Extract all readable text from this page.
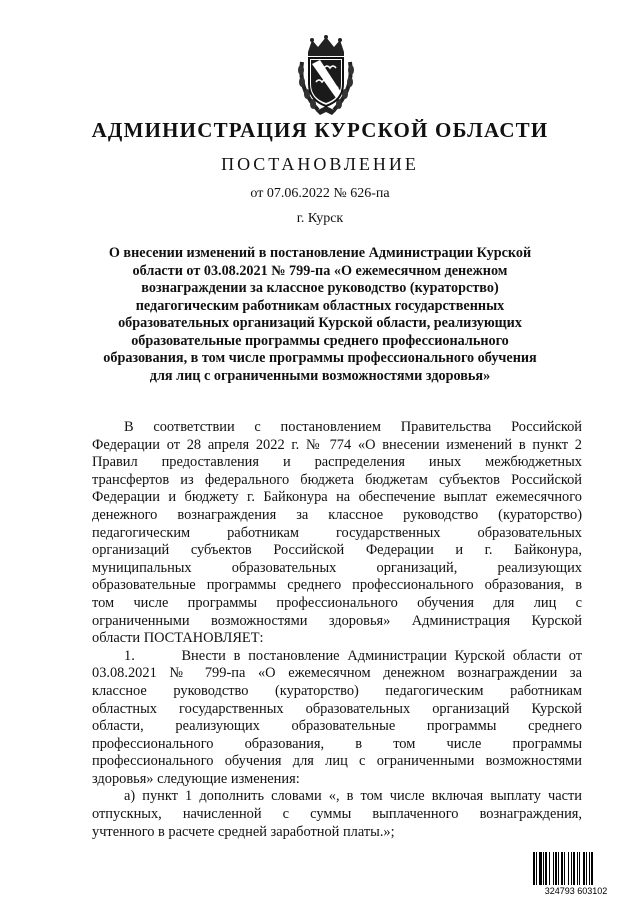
АДМИНИСТРАЦИЯ КУРСКОЙ ОБЛАСТИ
ПОСТАНОВЛЕНИЕ
от 07.06.2022 № 626-па
г. Курск
О внесении изменений в постановление Администрации Курской
области от 03.08.2021 № 799-па «О ежемесячном денежном
вознаграждении за классное руководство (кураторство)
педагогическим работникам областных государственных
образовательных организаций Курской области, реализующих
образовательные программы среднего профессионального
образования, в том числе программы профессионального обучения
для лиц с ограниченными возможностями здоровья»
В соответствии с постановлением Правительства Российской
Федерации от 28 апреля 2022 г. № 774 «О внесении изменений в пункт 2
Правил предоставления и распределения иных межбюджетных
трансфертов из федерального бюджета бюджетам субъектов Российской
Федерации и бюджету г. Байконура на обеспечение выплат ежемесячного
денежного вознаграждения за классное руководство (кураторство)
педагогическим работникам государственных образовательных
организаций субъектов Российской Федерации и г. Байконура,
муниципальных образовательных организаций, реализующих
образовательные программы среднего профессионального образования, в
том числе программы профессионального обучения для лиц с
ограниченными возможностями здоровья» Администрация Курской
области ПОСТАНОВЛЯЕТ:
1.      Внести в постановление Администрации Курской области от
03.08.2021 № 799-па «О ежемесячном денежном вознаграждении за
классное руководство (кураторство) педагогическим работникам
областных государственных образовательных организаций Курской
области, реализующих образовательные программы среднего
профессионального образования, в том числе программы
профессионального обучения для лиц с ограниченными возможностями
здоровья» следующие изменения:
а) пункт 1 дополнить словами «, в том числе включая выплату части
отпускных, начисленной с суммы выплаченного вознаграждения,
учтенного в расчете средней заработной платы.»;
324793 603102
